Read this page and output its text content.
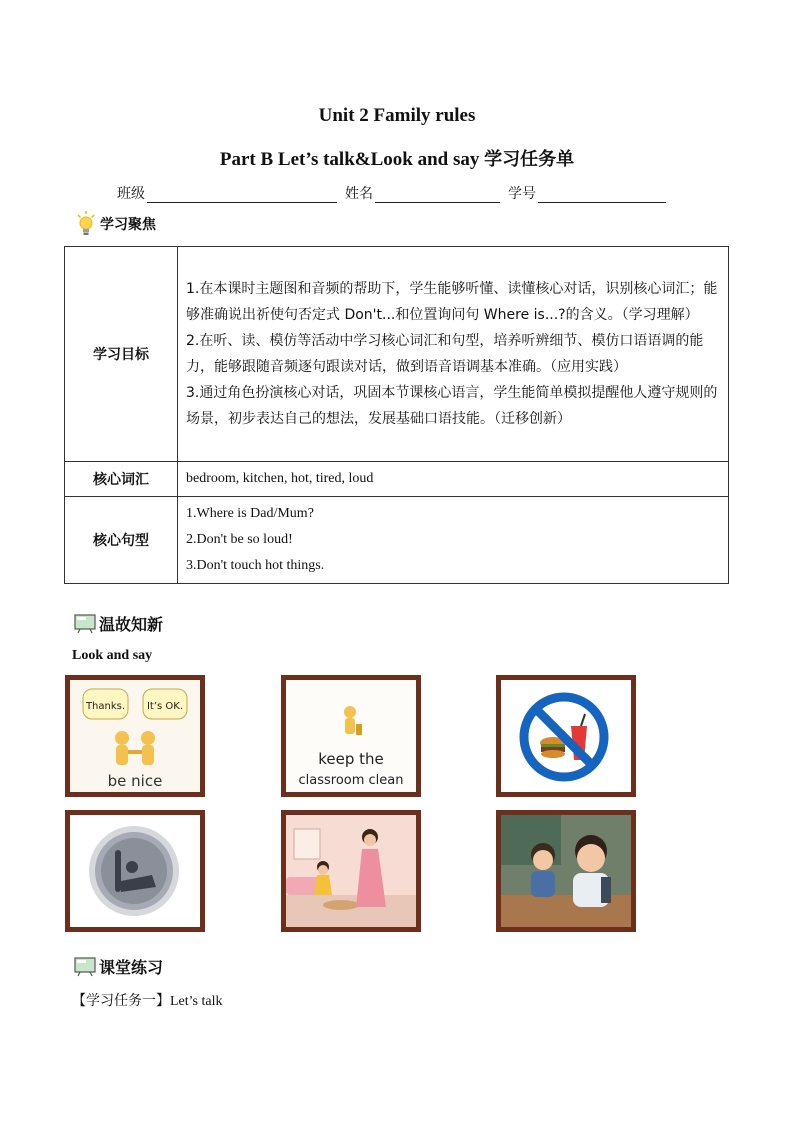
Unit 2 Family rules
Part B Let’s talk&Look and say 学习任务单
班级	姓名	学号
学习聚焦
学习目标	1.在本课时主题图和音频的帮助下，学生能够听懂、读懂核心对话，识别核心词汇；能够准确说出祈使句否定式 Don't...和位置询问句 Where is...?的含义。（学习理解）

2.在听、读、模仿等活动中学习核心词汇和句型，培养听辨细节、模仿口语语调的能力，能够跟随音频逐句跟读对话，做到语音语调基本准确。（应用实践）

3.通过角色扮演核心对话，巩固本节课核心语言，学生能简单模拟提醒他人遵守规则的场景，初步表达自己的想法，发展基础口语技能。（迁移创新）

核心词汇	bedroom, kitchen, hot, tired, loud
核心句型	1.Where is Dad/Mum?

2.Don't be so loud!

3.Don't touch hot things.

温故知新
Look and say
Thanks. It’s OK.
be nice
keep the
classroom clean
课堂练习
【学习任务一】Let’s talk
